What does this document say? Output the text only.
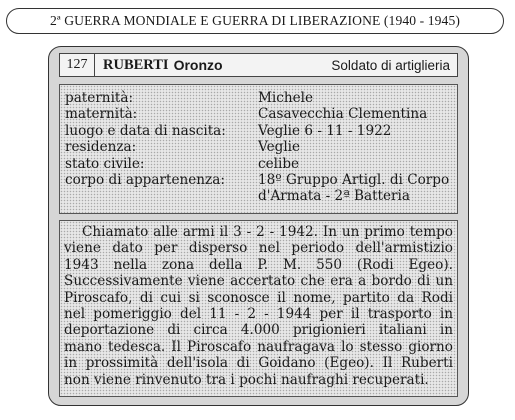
2ª GUERRA MONDIALE E GUERRA DI LIBERAZIONE (1940 - 1945)
127	RUBERTI Oronzo	Soldato di artiglieria
paternità:
maternità:
luogo e data di nascita:
residenza:
stato civile:
corpo di appartenenza:
Michele
Casavecchia Clementina
Veglie 6 - 11 - 1922
Veglie
celibe
18º Gruppo Artigl. di Corpo
d'Armata - 2ª Batteria
Chiamato alle armi il 3 - 2 - 1942. In un primo tempo
viene dato per disperso nel periodo dell'armistizio
1943 nella zona della P. M. 550 (Rodi Egeo).
Successivamente viene accertato che era a bordo di un
Piroscafo, di cui si sconosce il nome, partito da Rodi
nel pomeriggio del 11 - 2 - 1944 per il trasporto in
deportazione di circa 4.000 prigionieri italiani in
mano tedesca. Il Piroscafo naufragava lo stesso giorno
in prossimità dell'isola di Goidano (Egeo). Il Ruberti
non viene rinvenuto tra i pochi naufraghi recuperati.
